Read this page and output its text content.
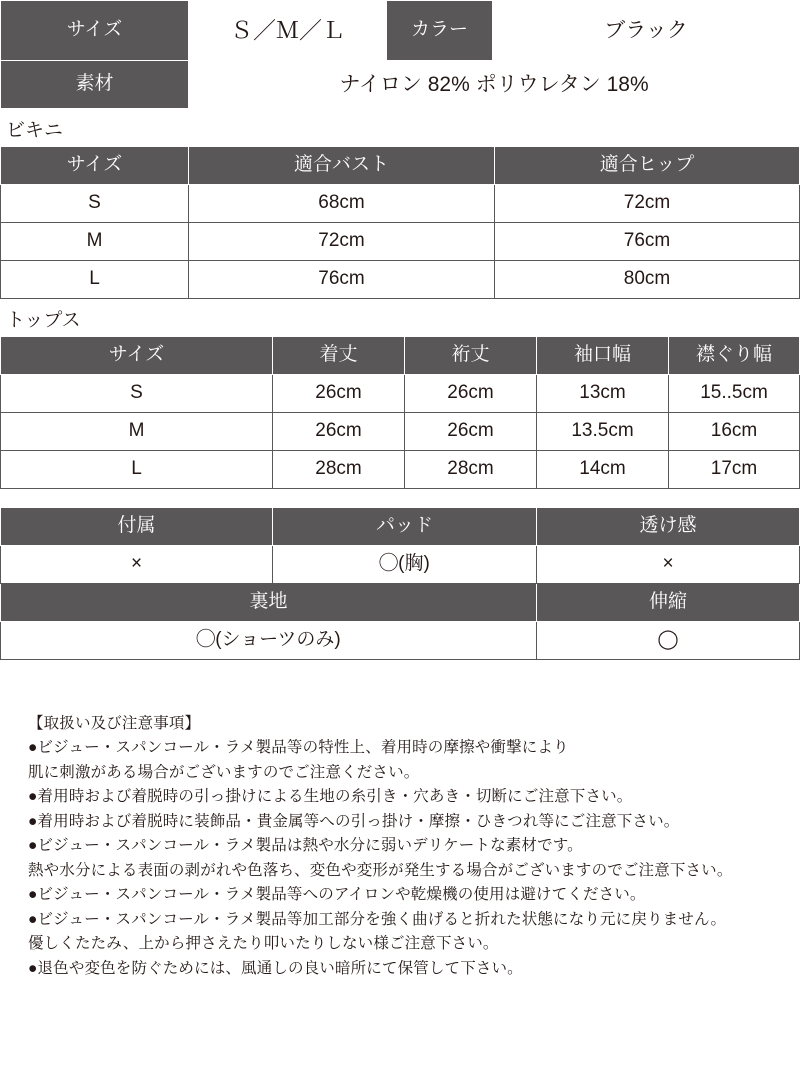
サイズ	Ｓ／Ｍ／Ｌ	カラー	ブラック
素材	ナイロン 82% ポリウレタン 18%		
ビキニ
サイズ	適合バスト	適合ヒップ
S	68cm	72cm
M	72cm	76cm
L	76cm	80cm
トップス
サイズ	着丈	裄丈	袖口幅	襟ぐり幅
S	26cm	26cm	13cm	15..5cm
M	26cm	26cm	13.5cm	16cm
L	28cm	28cm	14cm	17cm
付属	パッド	透け感
×	◯(胸)	×
裏地		伸縮
◯(ショーツのみ)		◯
【取扱い及び注意事項】
●ビジュー・スパンコール・ラメ製品等の特性上、着用時の摩擦や衝撃により
肌に刺激がある場合がございますのでご注意ください。
●着用時および着脱時の引っ掛けによる生地の糸引き・穴あき・切断にご注意下さい。
●着用時および着脱時に装飾品・貴金属等への引っ掛け・摩擦・ひきつれ等にご注意下さい。
●ビジュー・スパンコール・ラメ製品は熱や水分に弱いデリケートな素材です。
熱や水分による表面の剥がれや色落ち、変色や変形が発生する場合がございますのでご注意下さい。
●ビジュー・スパンコール・ラメ製品等へのアイロンや乾燥機の使用は避けてください。
●ビジュー・スパンコール・ラメ製品等加工部分を強く曲げると折れた状態になり元に戻りません。
優しくたたみ、上から押さえたり叩いたりしない様ご注意下さい。
●退色や変色を防ぐためには、風通しの良い暗所にて保管して下さい。
